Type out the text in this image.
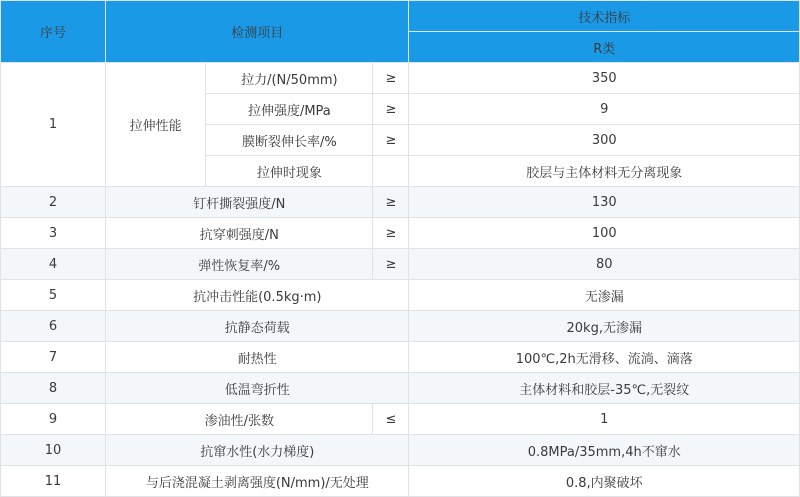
序号	检测项目			技术指标
				R类
1	拉伸性能	拉力/(N/50mm)	≥	350
		拉伸强度/MPa	≥	9
		膜断裂伸长率/%	≥	300
		拉伸时现象		胶层与主体材料无分离现象
2	钉杆撕裂强度/N		≥	130
3	抗穿刺强度/N		≥	100
4	弹性恢复率/%		≥	80
5	抗冲击性能(0.5kg·m)			无渗漏
6	抗静态荷载			20kg,无渗漏
7	耐热性			100℃,2h无滑移、流淌、滴落
8	低温弯折性			主体材料和胶层-35℃,无裂纹
9	渗油性/张数		≤	1
10	抗窜水性(水力梯度)			0.8MPa/35mm,4h不窜水
11	与后浇混凝土剥离强度(N/mm)/无处理			0.8,内聚破坏
